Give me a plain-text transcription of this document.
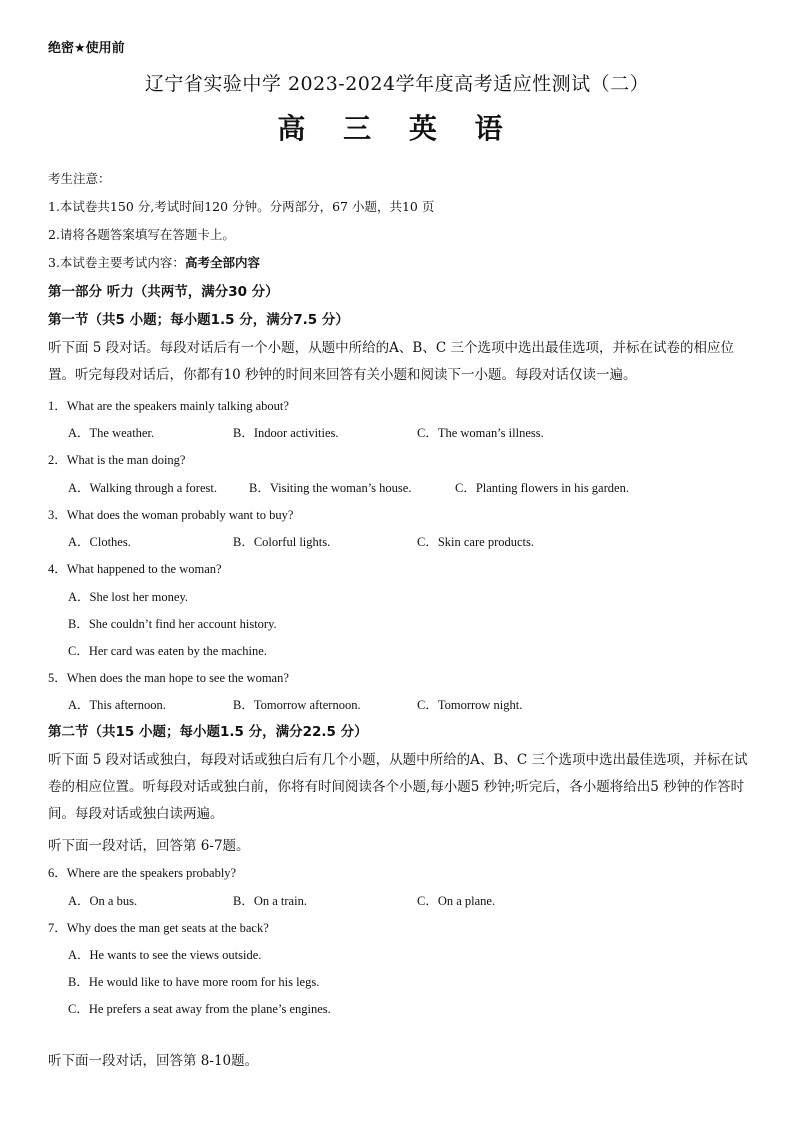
绝密★使用前
辽宁省实验中学 2023-2024学年度高考适应性测试（二）
高 三 英 语
考生注意：
1.本试卷共150 分,考试时间120 分钟。分两部分，67 小题，共10 页
2.请将各题答案填写在答题卡上。
3.本试卷主要考试内容：高考全部内容
第一部分 听力（共两节，满分30 分）
第一节（共5 小题；每小题1.5 分，满分7.5 分）
听下面 5 段对话。每段对话后有一个小题，从题中所给的A、B、C 三个选项中选出最佳选项，并标在试卷的相应位置。听完每段对话后，你都有10 秒钟的时间来回答有关小题和阅读下一小题。每段对话仅读一遍。
1．What are the speakers mainly talking about?
A．The weather.	B．Indoor activities.	C．The woman’s illness.
2．What is the man doing?
A．Walking through a forest.	B．Visiting the woman’s house.	C．Planting flowers in his garden.
3．What does the woman probably want to buy?
A．Clothes.	B．Colorful lights.	C．Skin care products.
4．What happened to the woman?
A．She lost her money.
B．She couldn’t find her account history.
C．Her card was eaten by the machine.
5．When does the man hope to see the woman?
A．This afternoon.	B．Tomorrow afternoon.	C．Tomorrow night.
第二节（共15 小题；每小题1.5 分，满分22.5 分）
听下面 5 段对话或独白，每段对话或独白后有几个小题，从题中所给的A、B、C 三个选项中选出最佳选项，并标在试卷的相应位置。听每段对话或独白前，你将有时间阅读各个小题,每小题5 秒钟;听完后，各小题将给出5 秒钟的作答时间。每段对话或独白读两遍。
听下面一段对话，回答第 6-7题。
6．Where are the speakers probably?
A．On a bus.	B．On a train.	C．On a plane.
7．Why does the man get seats at the back?
A．He wants to see the views outside.
B．He would like to have more room for his legs.
C．He prefers a seat away from the plane’s engines.
听下面一段对话，回答第 8-10题。
